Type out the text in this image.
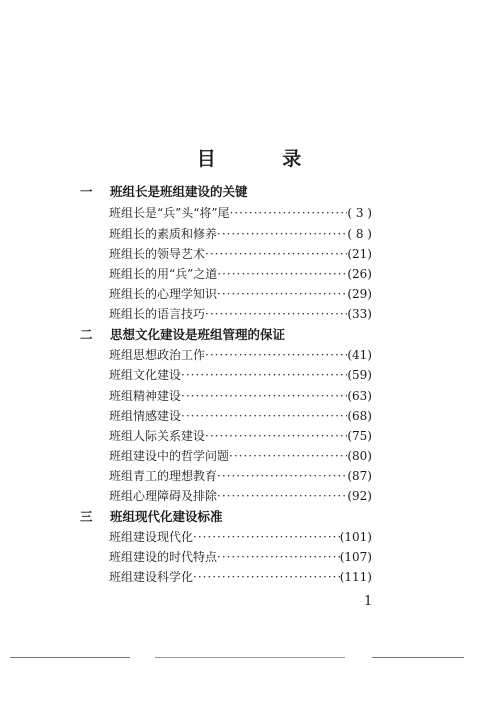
目 录
一 班组长是班组建设的关键
班组长是“兵”头“将”尾 ·····	( 3 )
班组长的素质和修养 ·····	( 8 )
班组长的领导艺术 ·····	(21)
班组长的用“兵”之道 ·····	(26)
班组长的心理学知识 ·····	(29)
班组长的语言技巧 ·····	(33)
二 思想文化建设是班组管理的保证
班组思想政治工作 ·····	(41)
班组文化建设 ·····	(59)
班组精神建设 ·····	(63)
班组情感建设 ·····	(68)
班组人际关系建设 ·····	(75)
班组建设中的哲学问题 ·····	(80)
班组青工的理想教育 ·····	(87)
班组心理障碍及排除 ·····	(92)
三 班组现代化建设标准
班组建设现代化 ·····	(101)
班组建设的时代特点 ·····	(107)
班组建设科学化 ·····	(111)
1
